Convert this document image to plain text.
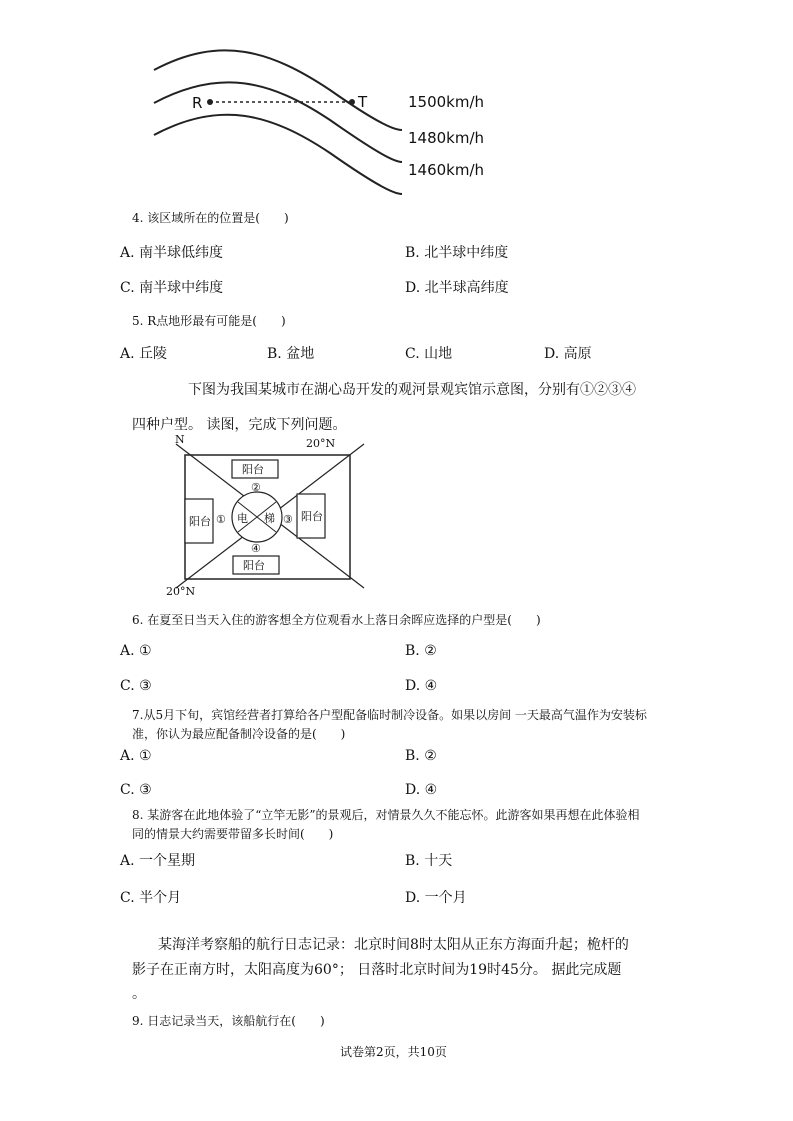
R	T	1500km/h
1480km/h
1460km/h
4. 该区域所在的位置是(　　)
A. 南半球低纬度	B. 北半球中纬度
C. 南半球中纬度	D. 北半球高纬度
5. R点地形最有可能是(　　)
A. 丘陵	B. 盆地	C. 山地	D. 高原
下图为我国某城市在湖心岛开发的观河景观宾馆示意图，分别有①②③④
四种户型。 读图，完成下列问题。
N	20°N
20°N
阳台
阳台	阳台
阳台
电 梯
①
②
③
④
6. 在夏至日当天入住的游客想全方位观看水上落日余晖应选择的户型是(　　)
A. ①	B. ②
C. ③	D. ④
7.从5月下旬，宾馆经营者打算给各户型配备临时制冷设备。如果以房间 一天最高气温作为安装标
准，你认为最应配备制冷设备的是(　　)
A. ①	B. ②
C. ③	D. ④
8. 某游客在此地体验了“立竿无影”的景观后，对情景久久不能忘怀。此游客如果再想在此体验相
同的情景大约需要带留多长时间(　　)
A. 一个星期	B. 十天
C. 半个月	D. 一个月
某海洋考察船的航行日志记录：北京时间8时太阳从正东方海面升起；桅杆的
影子在正南方时，太阳高度为60°； 日落时北京时间为19时45分。 据此完成题
。
9. 日志记录当天，该船航行在(　　)
试卷第2页，共10页
